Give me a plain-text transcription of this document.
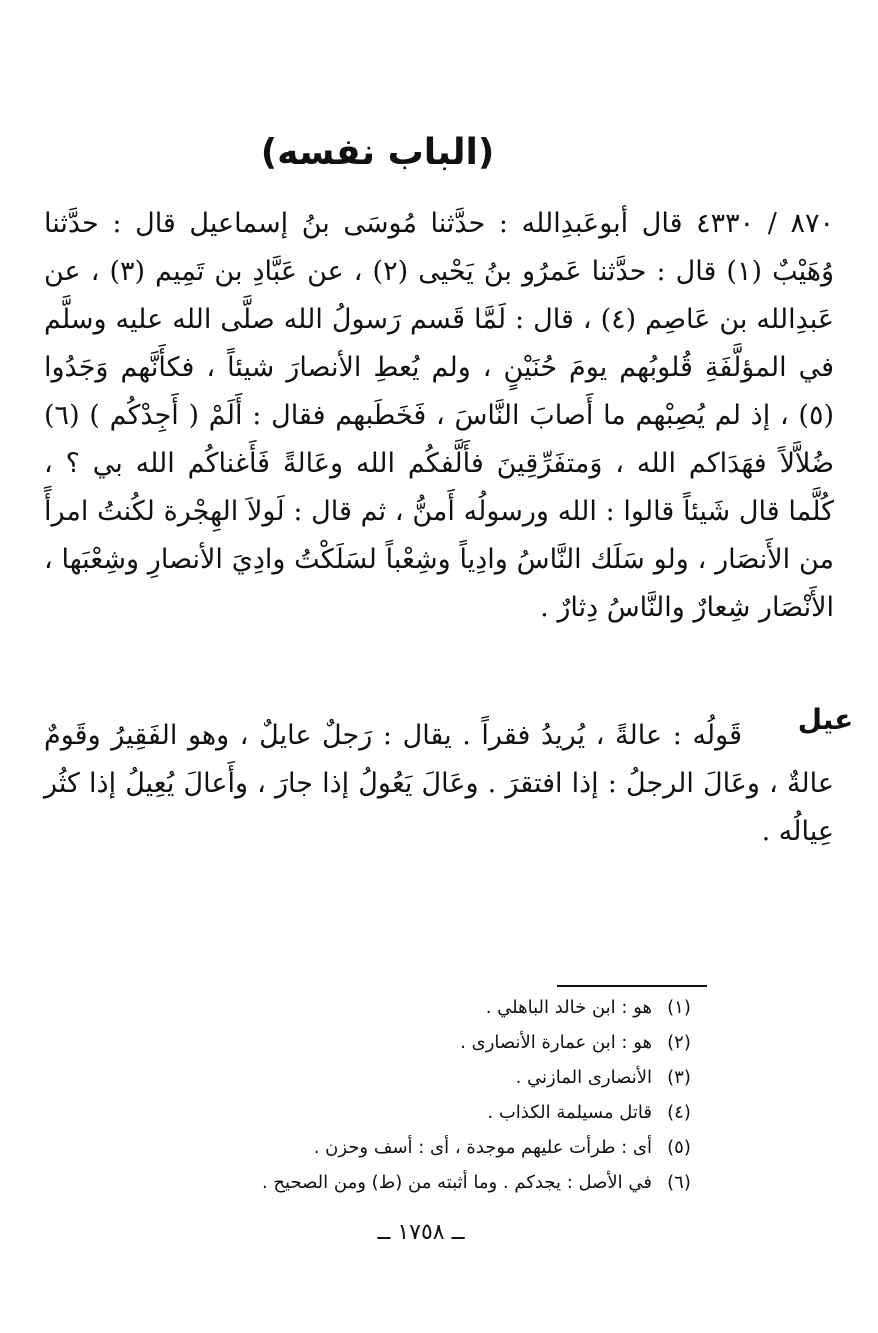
(الباب نفسه)

٨٧٠ / ٤٣٣٠ قال أبوعَبدِالله : حدَّثنا مُوسَى بنُ إسماعيل قال : حدَّثنا وُهَيْبٌ (١) قال : حدَّثنا عَمرُو بنُ يَحْيى (٢) ، عن عَبَّادِ بن تَمِيم (٣) ، عن عَبدِالله بن عَاصِم (٤) ، قال : لَمَّا قَسم رَسولُ الله صلَّى الله عليه وسلَّم في المؤلَّفَةِ قُلوبُهم يومَ حُنَيْنٍ ، ولم يُعطِ الأنصارَ شيئاً ، فكأَنَّهم وَجَدُوا (٥) ، إذ لم يُصِبْهم ما أَصابَ النَّاسَ ، فَخَطَبهم فقال : أَلَمْ ( أَجِدْكُم ) (٦) ضُلاَّلاً فهَدَاكم الله ، وَمتفَرِّقِينَ فأَلَّفكُم الله وعَالةً فَأَغناكُم الله بي ؟ ، كُلَّما قال شَيئاً قالوا : الله ورسولُه أَمنُّ ، ثم قال : لَولاَ الهِجْرة لكُنتُ امرأً من الأَنصَار ، ولو سَلَك النَّاسُ وادِياً وشِعْباً لسَلَكْتُ وادِيَ الأنصارِ وشِعْبَها ، الأَنْصَار شِعارٌ والنَّاسُ دِثارٌ .

عيل

قَولُه : عالةً ، يُريدُ فقراً . يقال : رَجلٌ عايلٌ ، وهو الفَقِيرُ وقَومٌ عالةٌ ، وعَالَ الرجلُ : إذا افتقرَ . وعَالَ يَعُولُ إذا جارَ ، وأَعالَ يُعِيلُ إذا كثُر عِيالُه .

(١)
هو : ابن خالد الباهلي .
(٢)
هو : ابن عمارة الأنصارى .
(٣)
الأنصارى المازني .
(٤)
قاتل مسيلمة الكذاب .
(٥)
أى : طرأت عليهم موجدة ، أى : أسف وحزن .
(٦)
في الأصل : يجدكم . وما أثبته من (ط) ومن الصحيح .
ــ ١٧٥٨ ــ
